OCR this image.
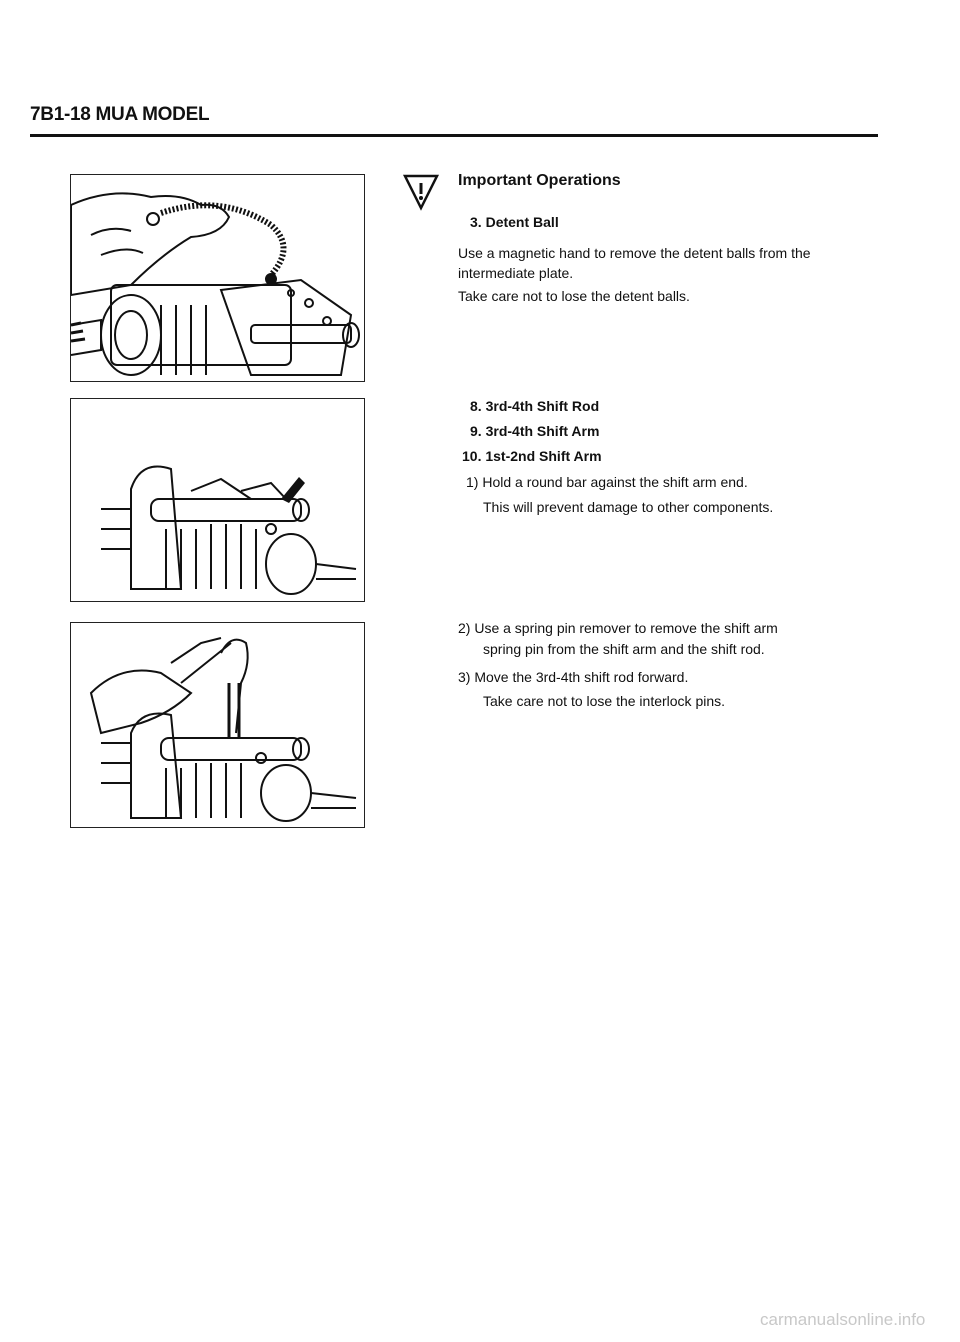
7B1-18 MUA MODEL
Important Operations
3. Detent Ball
Use a magnetic hand to remove the detent balls from the
intermediate plate.
Take care not to lose the detent balls.
8. 3rd-4th Shift Rod
9. 3rd-4th Shift Arm
10. 1st-2nd Shift Arm
1) Hold a round bar against the shift arm end.
This will prevent damage to other components.
2) Use a spring pin remover to remove the shift arm
spring pin from the shift arm and the shift rod.
3) Move the 3rd-4th shift rod forward.
Take care not to lose the interlock pins.
carmanualsonline.info
